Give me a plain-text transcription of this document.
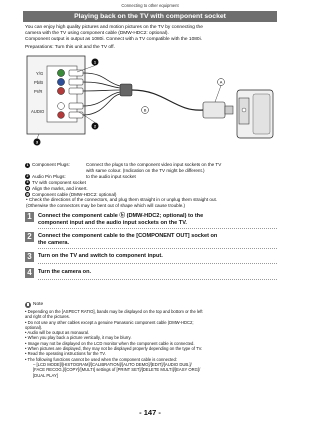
Connecting to other equipment
Playing back on the TV with component socket

You can enjoy high quality pictures and motion pictures on the TV by connecting the

camera with the TV using component cable (DMW-HDC2: optional).

Component output is output as 1080i. Connect with a TV compatible with the 1080i.

Preparations: Turn this unit and the TV off.
Y/G
Pb/B
Pr/R
AUDIO
1
2
3
B
A
1 Component Plugs:	Connect the plugs to the component video input sockets on the TV
with same colour. (Indication on the TV might be different.)
2 Audio Pin Plugs:	to the audio input socket
3 TV with component socket
A Align the marks, and insert.
B Component cable (DMW-HDC2: optional)
• Check the directions of the connectors, and plug them straight in or unplug them straight out.
(Otherwise the connectors may be bent out of shape which will cause trouble.)
1	Connect the component cable ⓑ (DMW-HDC2; optional) to the
component input and the audio input sockets on the TV.
2	Connect the component cable to the [COMPONENT OUT] socket on
the camera.
3	Turn on the TV and switch to component input.
4	Turn the camera on.
Note
• Depending on the [ASPECT RATIO], bands may be displayed on the top and bottom or the left
and right of the pictures.
• Do not use any other cables except a genuine Panasonic component cable (DMW-HDC2;
optional).
• Audio will be output as monaural.
• When you play back a picture vertically, it may be blurry.
• Image may not be displayed on the LCD monitor when the component cable is connected.
• When pictures are displayed, they may not be displayed properly depending on the type of TV.
• Read the operating instructions for the TV.
• The following functions cannot be used when the component cable is connected:
– [LCD MODE]/[HISTOGRAM]/[CALIBRATION]/[AUTO DEMO]/[EDIT]/[AUDIO DUB.]/
[FACE RECOG.]/[COPY]/[MULTI] settings of [PRINT SET]/[DELETE MULTI]/[EASY ORG]/
[DUAL PLAY]
- 147 -
